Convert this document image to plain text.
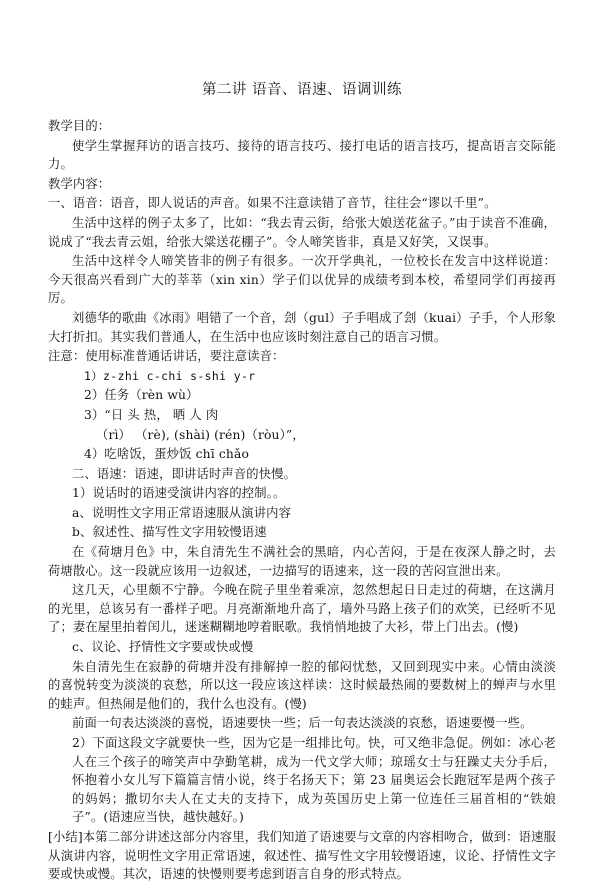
第二讲 语音、语速、语调训练

教学目的：

使学生掌握拜访的语言技巧、接待的语言技巧、接打电话的语言技巧，提高语言交际能力。

教学内容：

一、语音：语音，即人说话的声音。如果不注意读错了音节，往往会“谬以千里”。

生活中这样的例子太多了，比如：“我去青云街，给张大娘送花盆子。”由于读音不准确，说成了“我去青云姐，给张大粱送花棚子”。令人啼笑皆非，真是又好笑，又误事。

生活中这样令人啼笑皆非的例子有很多。一次开学典礼，一位校长在发言中这样说道：今天很高兴看到广大的莘莘（xin xin）学子们以优异的成绩考到本校，希望同学们再接再厉。

刘德华的歌曲《冰雨》唱错了一个音，刽（gul）子手唱成了刽（kuai）子手，个人形象大打折扣。其实我们普通人，在生活中也应该时刻注意自己的语言习惯。

注意：使用标准普通话讲话，要注意读音：

1）z-zhi c-chi s-shi y-r

2）任务（rèn wù）

3）“日 头 热， 晒 人 肉

（rì） （rè), (shài) (rén)（ròu）”，

4）吃啥饭，蛋炒饭 chī chǎo

二、语速：语速，即讲话时声音的快慢。

1）说话时的语速受演讲内容的控制。。

a、说明性文字用正常语速服从演讲内容

b、叙述性、描写性文字用较慢语速

在《荷塘月色》中，朱自清先生不满社会的黑暗，内心苦闷，于是在夜深人静之时，去荷塘散心。这一段就应该用一边叙述，一边描写的语速来，这一段的苦闷宣泄出来。

这几天，心里颇不宁静。今晚在院子里坐着乘凉，忽然想起日日走过的荷塘，在这满月的光里，总该另有一番样子吧。月亮渐渐地升高了，墙外马路上孩子们的欢笑，已经听不见了；妻在屋里拍着闰儿，迷迷糊糊地哼着眠歌。我悄悄地披了大衫，带上门出去。(慢)

c、议论、抒情性文字要或快或慢

朱自清先生在寂静的荷塘并没有排解掉一腔的郁闷忧愁，又回到现实中来。心情由淡淡的喜悦转变为淡淡的哀愁，所以这一段应该这样读：这时候最热闹的要数树上的蝉声与水里的蛙声。但热闹是他们的，我什么也没有。(慢)

前面一句表达淡淡的喜悦，语速要快一些；后一句表达淡淡的哀愁，语速要慢一些。

2）下面这段文字就要快一些，因为它是一组排比句。快，可又绝非急促。例如：冰心老人在三个孩子的啼笑声中孕勤笔耕，成为一代文学大师；琼瑶女士与狂躁丈夫分手后，怀抱着小女儿写下篇篇言情小说，终于名扬天下；第 23 届奥运会长跑冠军是两个孩子的妈妈；撒切尔夫人在丈夫的支持下，成为英国历史上第一位连任三届首相的“铁娘子”。(语速应当快，越快越好。)

[小结]本第二部分讲述这部分内容里，我们知道了语速要与文章的内容相吻合，做到：语速服从演讲内容，说明性文字用正常语速，叙述性、描写性文字用较慢语速，议论、抒情性文字要或快或慢。其次，语速的快慢则要考虑到语言自身的形式特点。
